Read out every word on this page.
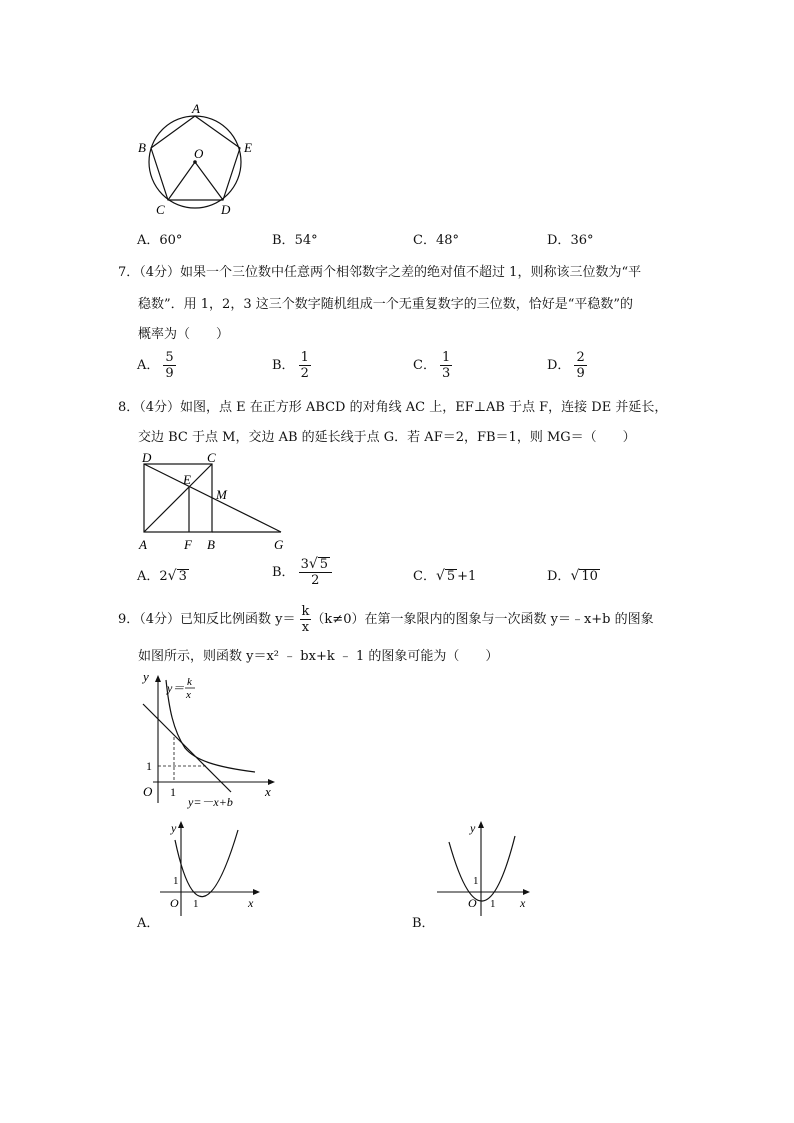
A
B	E
O
C	D
A．60°	B．54°	C．48°	D．36°
7．（4分）如果一个三位数中任意两个相邻数字之差的绝对值不超过 1，则称该三位数为“平
稳数”．用 1，2，3 这三个数字随机组成一个无重复数字的三位数，恰好是“平稳数”的
概率为（　　）
A． $\frac{5}{9}$	B． $\frac{1}{2}$	C． $\frac{1}{3}$	D． $\frac{2}{9}$
8．（4分）如图，点 E 在正方形 ABCD 的对角线 AC 上，EF⊥AB 于点 F，连接 DE 并延长，
交边 BC 于点 M，交边 AB 的延长线于点 G．若 AF＝2，FB＝1，则 MG＝（　　）
D	C
E
M
A	F B	G
A．2√ 3	B． $\frac{3√ 5}{2}$	C．√ 5 +1	D．√ 10
9．（4分）已知反比例函数 $y= \frac{k}{x} (k\ne 0)$在第一象限内的图象与一次函数 y＝﹣x+b 的图象
如图所示，则函数 y＝x² ﹣ bx+k ﹣ 1 的图象可能为（　　）
y
x
O 1
1
y＝ k
x
y=－x+b
y
x
O
1
1
A．
y
x
O
1
1
B．
